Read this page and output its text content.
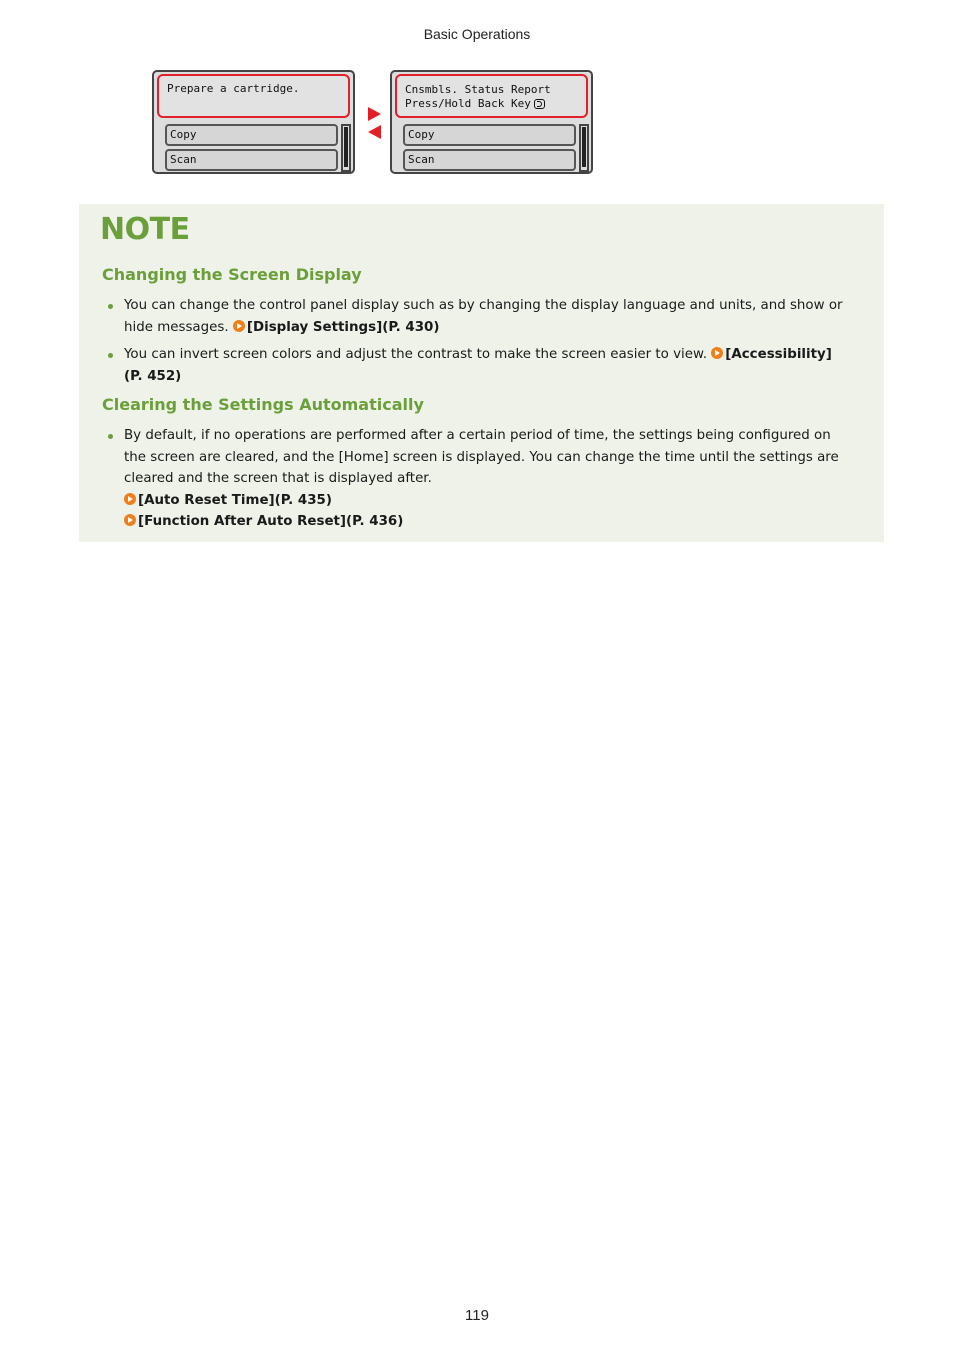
Basic Operations
Prepare a cartridge.
Copy
Scan
Cnsmbls. Status Report
Press/Hold Back Key
Copy
Scan
NOTE
Changing the Screen Display
You can change the control panel display such as by changing the display language and units, and show or hide messages. [Display Settings](P. 430)
You can invert screen colors and adjust the contrast to make the screen easier to view. [Accessibility](P. 452)
Clearing the Settings Automatically
By default, if no operations are performed after a certain period of time, the settings being configured on the screen are cleared, and the [Home] screen is displayed. You can change the time until the settings are cleared and the screen that is displayed after.
[Auto Reset Time](P. 435)
[Function After Auto Reset](P. 436)
119
